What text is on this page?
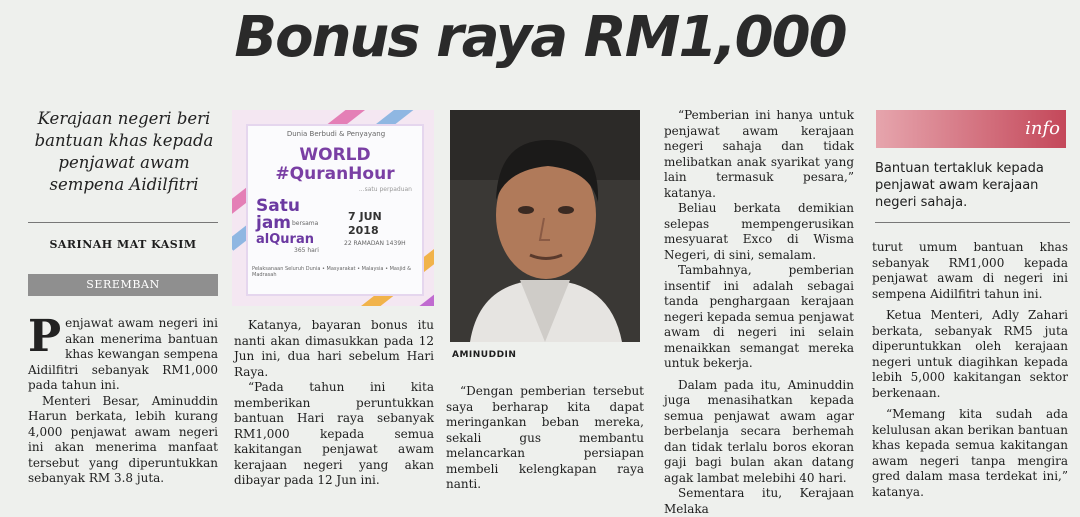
Bonus raya RM1,000
Kerajaan negeri beri bantuan khas kepada penjawat awam sempena Aidilfitri
SARINAH MAT KASIM
SEREMBAN

Penjawat awam negeri ini akan menerima bantuan khas kewangan sempena Aidilfitri sebanyak RM1,000 pada tahun ini.

Menteri Besar, Aminuddin Harun berkata, lebih kurang 4,000 penjawat awam negeri ini akan menerima manfaat tersebut yang diperuntukkan sebanyak RM 3.8 juta.

Dunia Berbudi & Penyayang
WORLD
#QuranHour
...satu perpaduan
Satu
jam bersama
alQuran
365 hari
7 JUN
2018
22 RAMADAN 1439H
Pelaksanaan Seluruh Dunia • Masyarakat • Malaysia • Masjid & Madrasah

Katanya, bayaran bonus itu nanti akan dimasukkan pada 12 Jun ini, dua hari sebelum Hari Raya.

“Pada tahun ini kita memberikan peruntukkan bantuan Hari raya sebanyak RM1,000 kepada semua kakitangan penjawat awam kerajaan negeri yang akan dibayar pada 12 Jun ini.

AMINUDDIN

“Dengan pemberian tersebut saya berharap kita dapat meringankan beban mereka, sekali gus membantu melancarkan persiapan membeli kelengkapan raya nanti.

“Pemberian ini hanya untuk penjawat awam kerajaan negeri sahaja dan tidak melibatkan anak syarikat yang lain termasuk pesara,” katanya.

Beliau berkata demikian selepas mempengerusikan mesyuarat Exco di Wisma Negeri, di sini, semalam.

Tambahnya, pemberian insentif ini adalah sebagai tanda penghargaan kerajaan negeri kepada semua penjawat awam di negeri ini selain menaikkan semangat mereka untuk bekerja.

Dalam pada itu, Aminuddin juga menasihatkan kepada semua penjawat awam agar berbelanja secara berhemah dan tidak terlalu boros ekoran gaji bagi bulan akan datang agak lambat melebihi 40 hari.

Sementara itu, Kerajaan Melaka

info
Bantuan tertakluk kepada penjawat awam kerajaan negeri sahaja.

turut umum bantuan khas sebanyak RM1,000 kepada penjawat awam di negeri ini sempena Aidilfitri tahun ini.

Ketua Menteri, Adly Zahari berkata, sebanyak RM5 juta diperuntukkan oleh kerajaan negeri untuk diagihkan kepada lebih 5,000 kakitangan sektor berkenaan.

“Memang kita sudah ada kelulusan akan berikan bantuan khas kepada semua kakitangan awam negeri tanpa mengira gred dalam masa terdekat ini,” katanya.
